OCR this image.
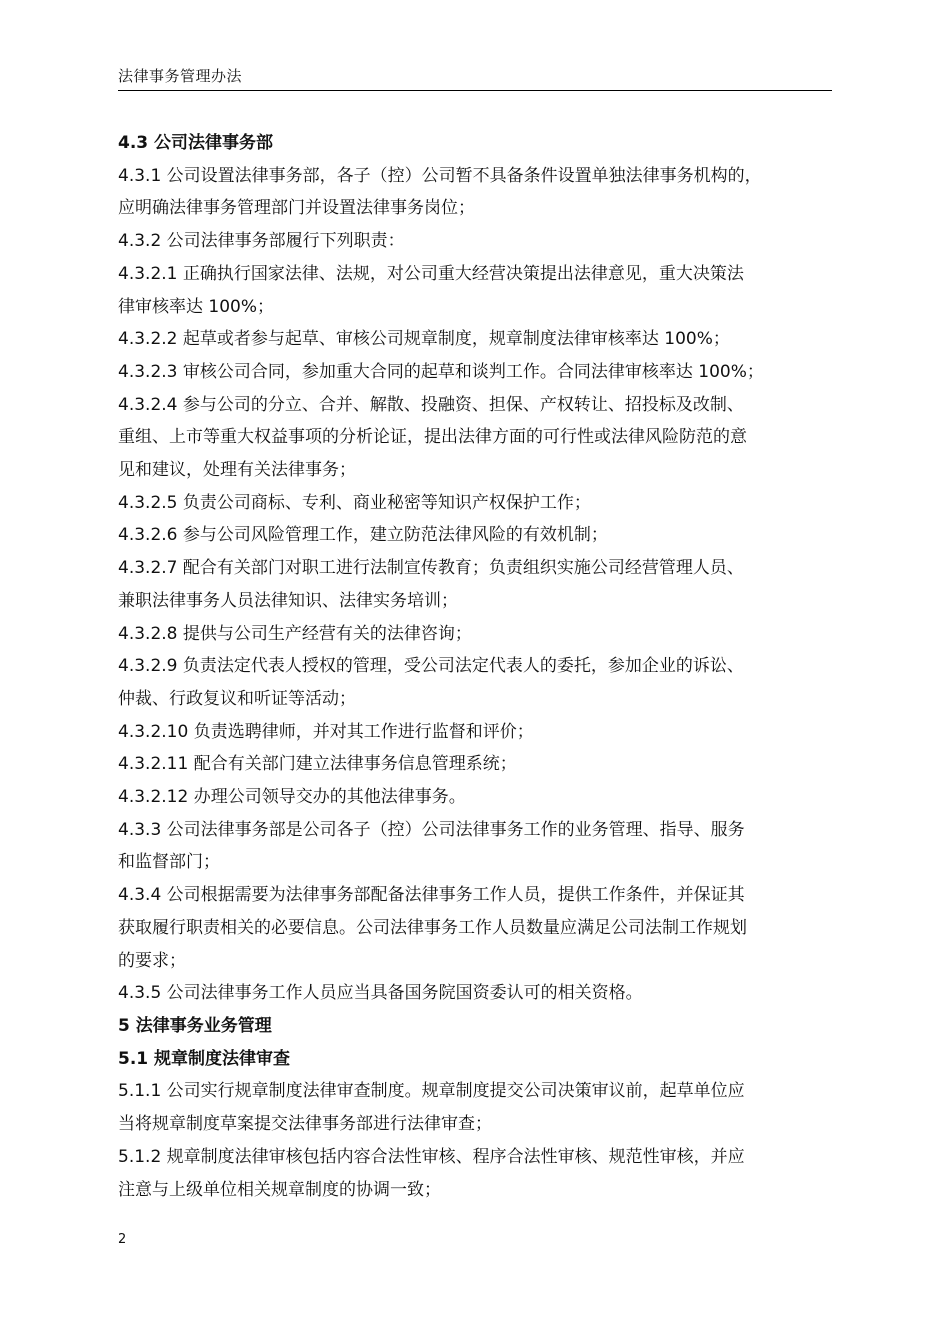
法律事务管理办法
4.3 公司法律事务部
4.3.1 公司设置法律事务部，各子（控）公司暂不具备条件设置单独法律事务机构的，
应明确法律事务管理部门并设置法律事务岗位；
4.3.2 公司法律事务部履行下列职责：
4.3.2.1 正确执行国家法律、法规，对公司重大经营决策提出法律意见，重大决策法
律审核率达 100%；
4.3.2.2 起草或者参与起草、审核公司规章制度，规章制度法律审核率达 100%；
4.3.2.3 审核公司合同，参加重大合同的起草和谈判工作。合同法律审核率达 100%；
4.3.2.4 参与公司的分立、合并、解散、投融资、担保、产权转让、招投标及改制、
重组、上市等重大权益事项的分析论证，提出法律方面的可行性或法律风险防范的意
见和建议，处理有关法律事务；
4.3.2.5 负责公司商标、专利、商业秘密等知识产权保护工作；
4.3.2.6 参与公司风险管理工作，建立防范法律风险的有效机制；
4.3.2.7 配合有关部门对职工进行法制宣传教育；负责组织实施公司经营管理人员、
兼职法律事务人员法律知识、法律实务培训；
4.3.2.8 提供与公司生产经营有关的法律咨询；
4.3.2.9 负责法定代表人授权的管理，受公司法定代表人的委托，参加企业的诉讼、
仲裁、行政复议和听证等活动；
4.3.2.10 负责选聘律师，并对其工作进行监督和评价；
4.3.2.11 配合有关部门建立法律事务信息管理系统；
4.3.2.12 办理公司领导交办的其他法律事务。
4.3.3 公司法律事务部是公司各子（控）公司法律事务工作的业务管理、指导、服务
和监督部门；
4.3.4 公司根据需要为法律事务部配备法律事务工作人员，提供工作条件，并保证其
获取履行职责相关的必要信息。公司法律事务工作人员数量应满足公司法制工作规划
的要求；
4.3.5 公司法律事务工作人员应当具备国务院国资委认可的相关资格。
5 法律事务业务管理
5.1 规章制度法律审查
5.1.1 公司实行规章制度法律审查制度。规章制度提交公司决策审议前，起草单位应
当将规章制度草案提交法律事务部进行法律审查；
5.1.2 规章制度法律审核包括内容合法性审核、程序合法性审核、规范性审核，并应
注意与上级单位相关规章制度的协调一致；
2
